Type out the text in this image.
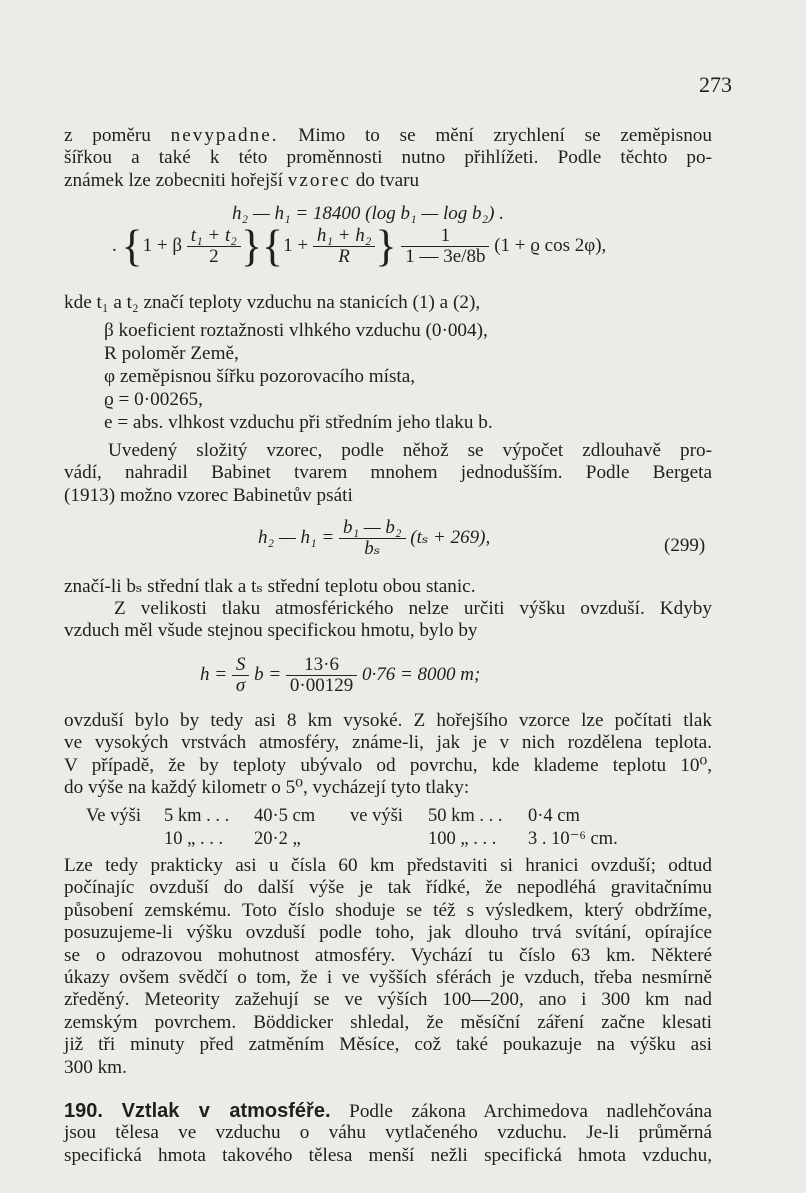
273
z poměru nevypadne. Mimo to se mění zrychlení se zeměpisnou
šířkou a také k této proměnnosti nutno přihlížeti. Podle těchto po-
známek lze zobecniti hořejší vzorec do tvaru
h₂ — h₁ = 18400 (log b₁ — log b₂) .
. {1 + β $\frac{\text{t₁ + t₂}}{2} \}\{1 + \frac{\text{h₁ + h₂}}{R}$ } $\frac{1}{1 — 3e/8b} (1 + ϱ$ cos 2φ),
kde t₁ a t₂ značí teploty vzduchu na stanicích (1) a (2),
β koeficient roztažnosti vlhkého vzduchu (0·004),
R poloměr Země,
φ zeměpisnou šířku pozorovacího místa,
ϱ = 0·00265,
e = abs. vlhkost vzduchu při středním jeho tlaku b.
Uvedený složitý vzorec, podle něhož se výpočet zdlouhavě pro-
vádí, nahradil Babinet tvarem mnohem jednodušším. Podle Bergeta
(1913) možno vzorec Babinetův psáti
h₂ — $h_1 = \frac{\text{b₁ — b₂}}{\text{bₛ}} (t_s + 269)$,	(299)
značí-li bₛ střední tlak a tₛ střední teplotu obou stanic.
Z velikosti tlaku atmosférického nelze určiti výšku ovzduší. Kdyby
vzduch měl všude stejnou specifickou hmotu, bylo by
$h = \frac{S}{\sigma}$ $b = \frac{13\cdot 6}{0\cdot 00129} 0\cdot 76 = 8000$ m;
ovzduší bylo by tedy asi 8 km vysoké. Z hořejšího vzorce lze počítati tlak
ve vysokých vrstvách atmosféry, známe-li, jak je v nich rozdělena teplota.
V případě, že by teploty ubývalo od povrchu, kde klademe teplotu 10⁰,
do výše na každý kilometr o 5⁰, vycházejí tyto tlaky:
Ve výši 5 km . . . 40·5 cm ve výši 50 km . . . 0·4 cm
10 „ . . . 20·2 „	100 „ . . . 3 . 10⁻⁶ cm.
Lze tedy prakticky asi u čísla 60 km představiti si hranici ovzduší; odtud
počínajíc ovzduší do další výše je tak řídké, že nepodléhá gravitačnímu
působení zemskému. Toto číslo shoduje se též s výsledkem, který obdržíme,
posuzujeme-li výšku ovzduší podle toho, jak dlouho trvá svítání, opírajíce
se o odrazovou mohutnost atmosféry. Vychází tu číslo 63 km. Některé
úkazy ovšem svědčí o tom, že i ve vyšších sférách je vzduch, třeba nesmírně
zředěný. Meteority zažehují se ve výších 100—200, ano i 300 km nad
zemským povrchem. Böddicker shledal, že měsíční záření začne klesati
již tři minuty před zatměním Měsíce, což také poukazuje na výšku asi
300 km.
190. Vztlak v atmosféře. Podle zákona Archimedova nadlehčována
jsou tělesa ve vzduchu o váhu vytlačeného vzduchu. Je-li průměrná
specifická hmota takového tělesa menší nežli specifická hmota vzduchu,
